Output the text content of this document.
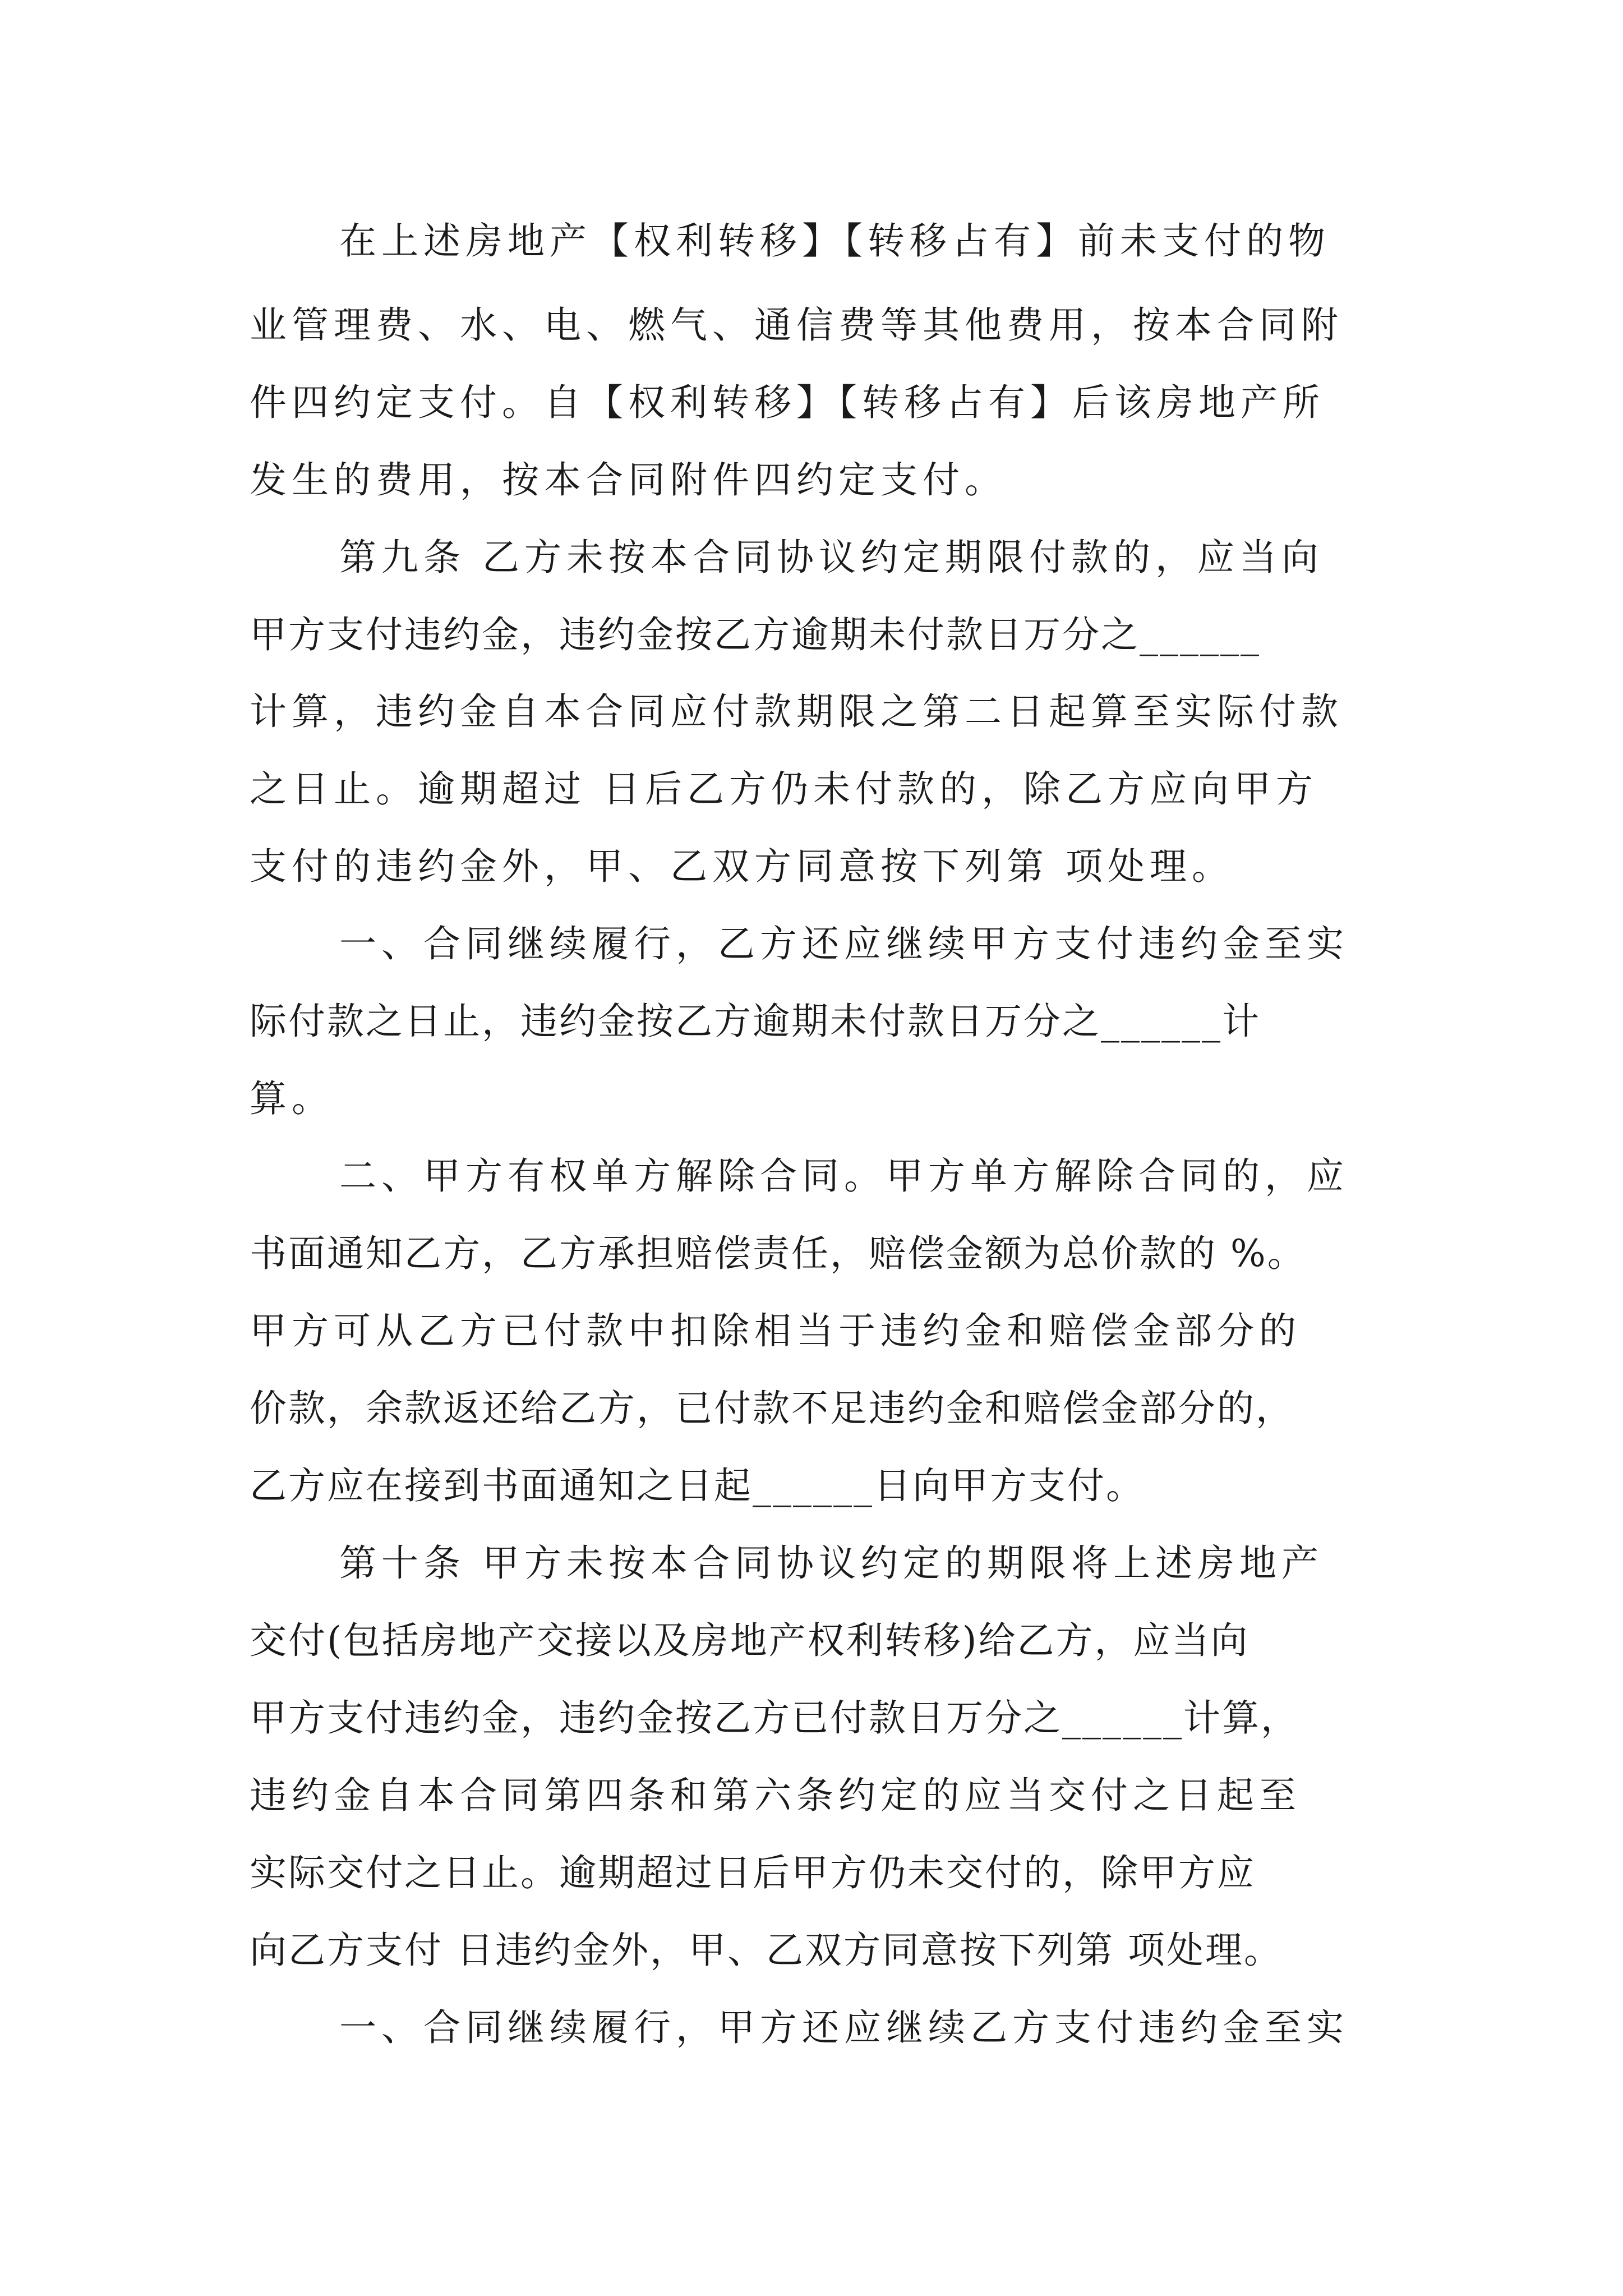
在上述房地产【权利转移】【转移占有】前未支付的物
业管理费、水、电、燃气、通信费等其他费用，按本合同附
件四约定支付。自【权利转移】【转移占有】后该房地产所
发生的费用，按本合同附件四约定支付。
第九条 乙方未按本合同协议约定期限付款的，应当向
甲方支付违约金，违约金按乙方逾期未付款日万分之______
计算，违约金自本合同应付款期限之第二日起算至实际付款
之日止。逾期超过 日后乙方仍未付款的，除乙方应向甲方
支付的违约金外，甲、乙双方同意按下列第 项处理。
一、合同继续履行，乙方还应继续甲方支付违约金至实
际付款之日止，违约金按乙方逾期未付款日万分之______计
算。
二、甲方有权单方解除合同。甲方单方解除合同的，应
书面通知乙方，乙方承担赔偿责任，赔偿金额为总价款的 %。
甲方可从乙方已付款中扣除相当于违约金和赔偿金部分的
价款，余款返还给乙方，已付款不足违约金和赔偿金部分的，
乙方应在接到书面通知之日起______日向甲方支付。
第十条 甲方未按本合同协议约定的期限将上述房地产
交付(包括房地产交接以及房地产权利转移)给乙方，应当向
甲方支付违约金，违约金按乙方已付款日万分之______计算，
违约金自本合同第四条和第六条约定的应当交付之日起至
实际交付之日止。逾期超过日后甲方仍未交付的，除甲方应
向乙方支付 日违约金外，甲、乙双方同意按下列第 项处理。
一、合同继续履行，甲方还应继续乙方支付违约金至实
